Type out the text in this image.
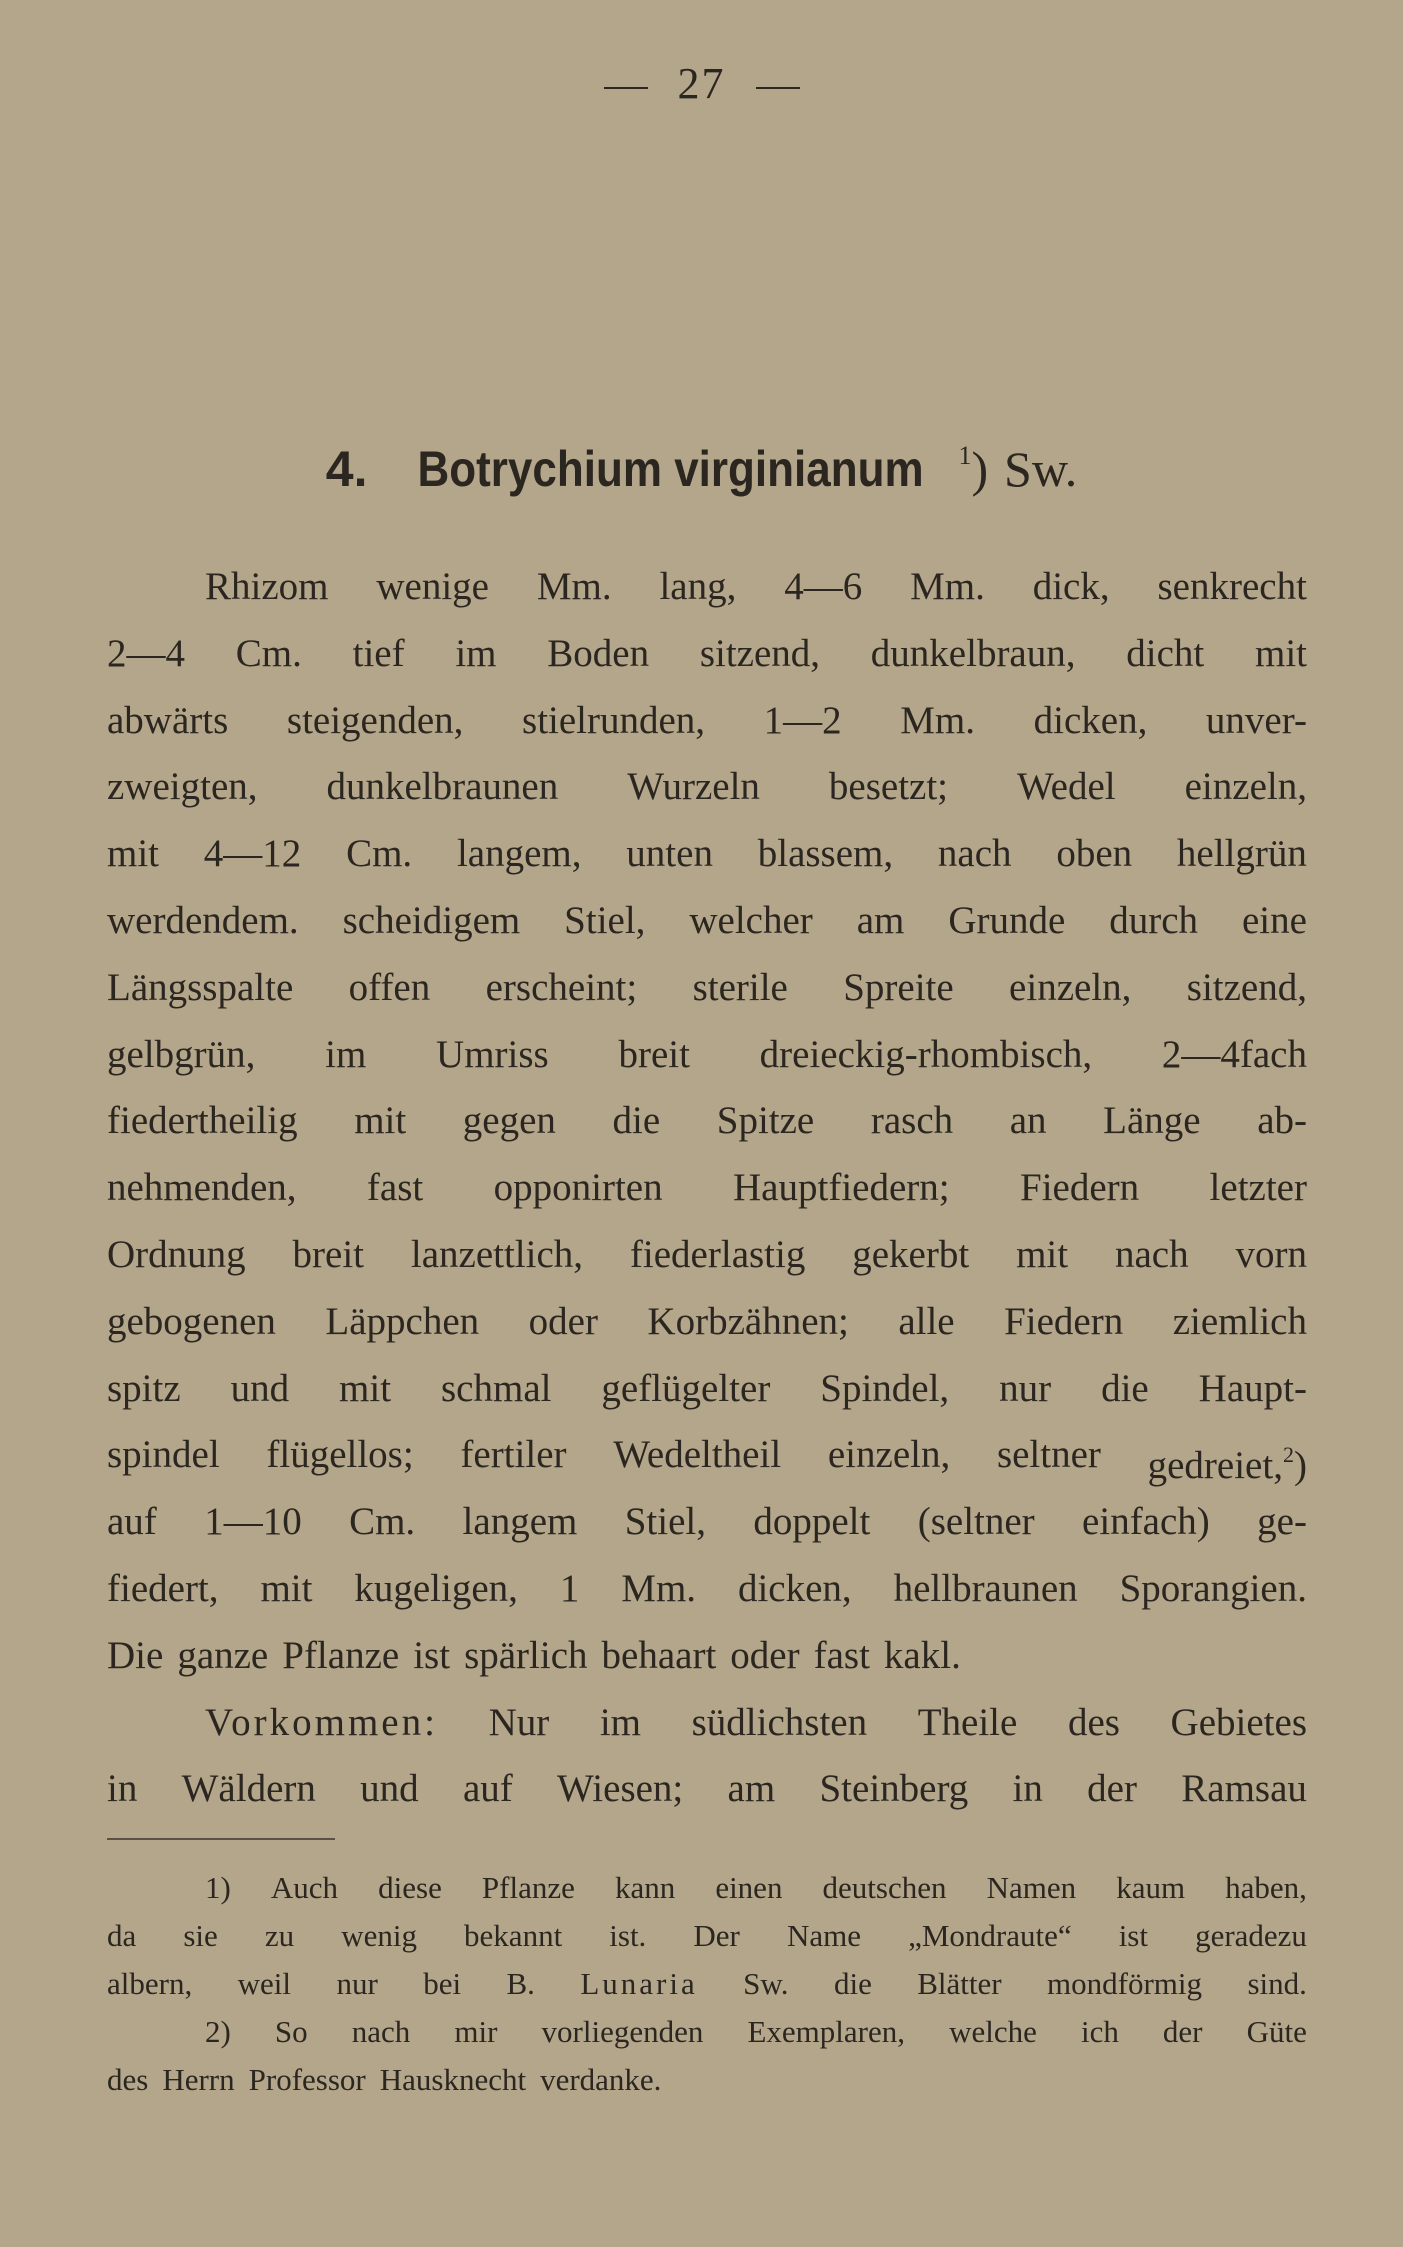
27
4. Botrychium virginianum $^1$) Sw.
Rhizom wenige Mm. lang, 4—6 Mm. dick, senkrecht
2—4 Cm. tief im Boden sitzend, dunkelbraun, dicht mit
abwärts steigenden, stielrunden, 1—2 Mm. dicken, unver-
zweigten, dunkelbraunen Wurzeln besetzt; Wedel einzeln,
mit 4—12 Cm. langem, unten blassem, nach oben hellgrün
werdendem. scheidigem Stiel, welcher am Grunde durch eine
Längsspalte offen erscheint; sterile Spreite einzeln, sitzend,
gelbgrün, im Umriss breit dreieckig-rhombisch, 2—4fach
fiedertheilig mit gegen die Spitze rasch an Länge ab-
nehmenden, fast opponirten Hauptfiedern; Fiedern letzter
Ordnung breit lanzettlich, fiederlastig gekerbt mit nach vorn
gebogenen Läppchen oder Korbzähnen; alle Fiedern ziemlich
spitz und mit schmal geflügelter Spindel, nur die Haupt-
spindel flügellos; fertiler Wedeltheil einzeln, seltner gedreiet,$^2$)
auf 1—10 Cm. langem Stiel, doppelt (seltner einfach) ge-
fiedert, mit kugeligen, 1 Mm. dicken, hellbraunen Sporangien.
Die ganze Pflanze ist spärlich behaart oder fast kakl.
Vorkommen: Nur im südlichsten Theile des Gebietes
in Wäldern und auf Wiesen; am Steinberg in der Ramsau
1) Auch diese Pflanze kann einen deutschen Namen kaum haben,
da sie zu wenig bekannt ist. Der Name „Mondraute“ ist geradezu
albern, weil nur bei B. Lunaria Sw. die Blätter mondförmig sind.
2) So nach mir vorliegenden Exemplaren, welche ich der Güte
des Herrn Professor Hausknecht verdanke.
